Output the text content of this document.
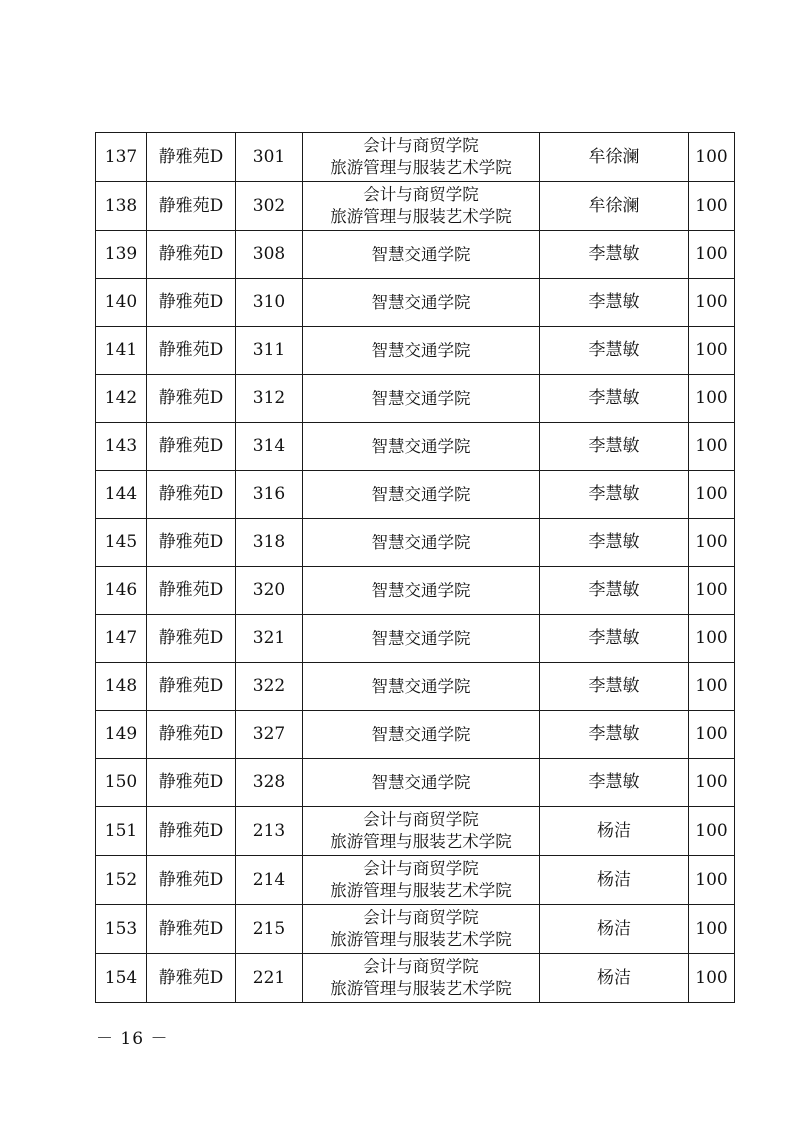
137	静雅苑D	301	会计与商贸学院
旅游管理与服装艺术学院	牟徐澜	100
138	静雅苑D	302	会计与商贸学院
旅游管理与服装艺术学院	牟徐澜	100
139	静雅苑D	308	智慧交通学院	李慧敏	100
140	静雅苑D	310	智慧交通学院	李慧敏	100
141	静雅苑D	311	智慧交通学院	李慧敏	100
142	静雅苑D	312	智慧交通学院	李慧敏	100
143	静雅苑D	314	智慧交通学院	李慧敏	100
144	静雅苑D	316	智慧交通学院	李慧敏	100
145	静雅苑D	318	智慧交通学院	李慧敏	100
146	静雅苑D	320	智慧交通学院	李慧敏	100
147	静雅苑D	321	智慧交通学院	李慧敏	100
148	静雅苑D	322	智慧交通学院	李慧敏	100
149	静雅苑D	327	智慧交通学院	李慧敏	100
150	静雅苑D	328	智慧交通学院	李慧敏	100
151	静雅苑D	213	会计与商贸学院
旅游管理与服装艺术学院	杨洁	100
152	静雅苑D	214	会计与商贸学院
旅游管理与服装艺术学院	杨洁	100
153	静雅苑D	215	会计与商贸学院
旅游管理与服装艺术学院	杨洁	100
154	静雅苑D	221	会计与商贸学院
旅游管理与服装艺术学院	杨洁	100
－ 16 －
